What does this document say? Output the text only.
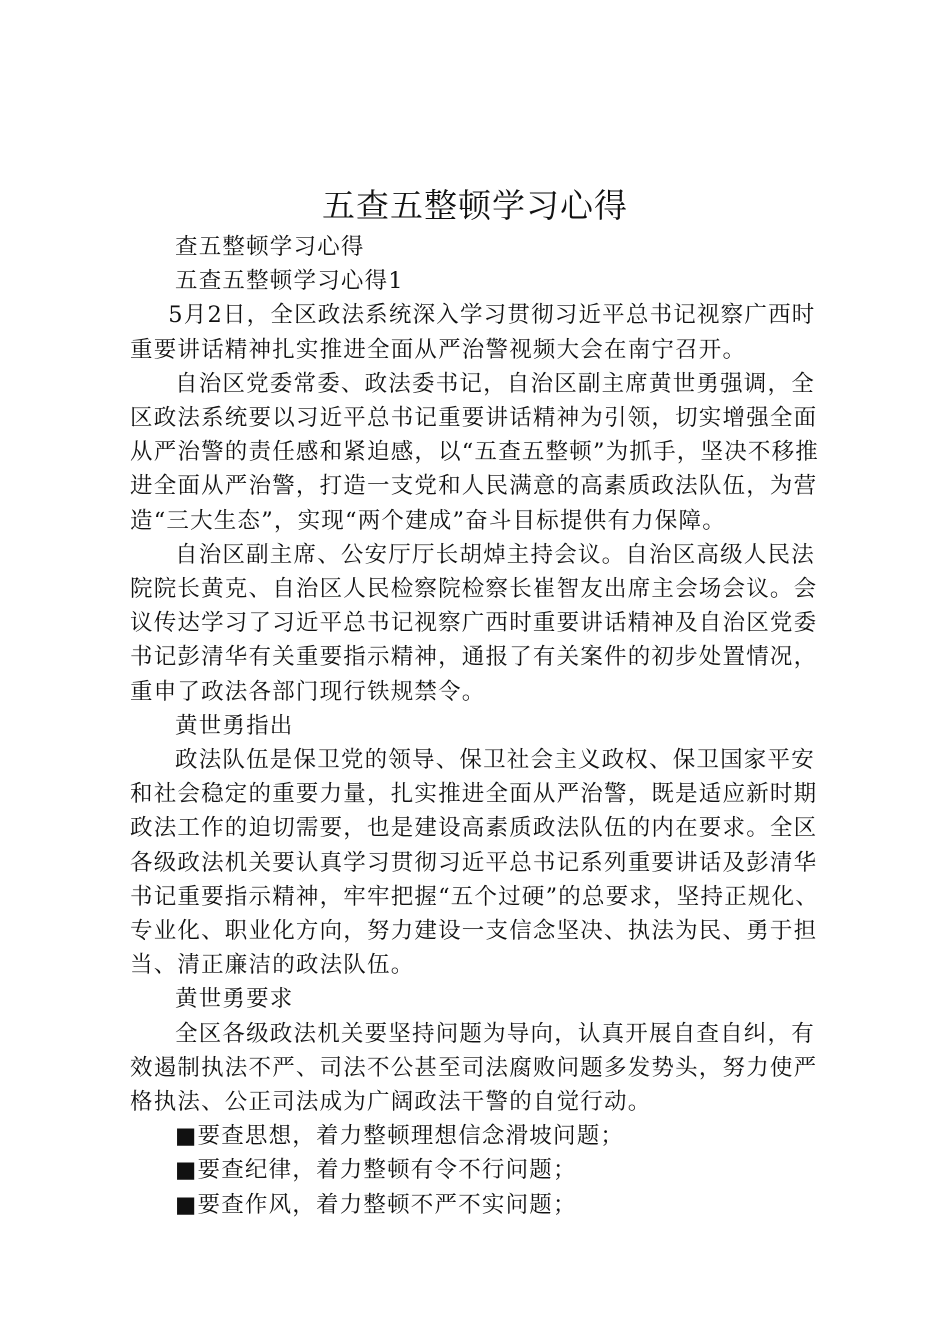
五查五整顿学习心得

查五整顿学习心得

五查五整顿学习心得1

5月2日，全区政法系统深入学习贯彻习近平总书记视察广西时重要讲话精神扎实推进全面从严治警视频大会在南宁召开。

自治区党委常委、政法委书记，自治区副主席黄世勇强调，全区政法系统要以习近平总书记重要讲话精神为引领，切实增强全面从严治警的责任感和紧迫感，以“五查五整顿”为抓手，坚决不移推进全面从严治警，打造一支党和人民满意的高素质政法队伍，为营造“三大生态”，实现“两个建成”奋斗目标提供有力保障。

自治区副主席、公安厅厅长胡焯主持会议。自治区高级人民法院院长黄克、自治区人民检察院检察长崔智友出席主会场会议。会议传达学习了习近平总书记视察广西时重要讲话精神及自治区党委书记彭清华有关重要指示精神，通报了有关案件的初步处置情况，重申了政法各部门现行铁规禁令。

黄世勇指出

政法队伍是保卫党的领导、保卫社会主义政权、保卫国家平安和社会稳定的重要力量，扎实推进全面从严治警，既是适应新时期政法工作的迫切需要，也是建设高素质政法队伍的内在要求。全区各级政法机关要认真学习贯彻习近平总书记系列重要讲话及彭清华书记重要指示精神，牢牢把握“五个过硬”的总要求，坚持正规化、专业化、职业化方向，努力建设一支信念坚决、执法为民、勇于担当、清正廉洁的政法队伍。

黄世勇要求

全区各级政法机关要坚持问题为导向，认真开展自查自纠，有效遏制执法不严、司法不公甚至司法腐败问题多发势头，努力使严格执法、公正司法成为广阔政法干警的自觉行动。

■要查思想，着力整顿理想信念滑坡问题；

■要查纪律，着力整顿有令不行问题；

■要查作风，着力整顿不严不实问题；
